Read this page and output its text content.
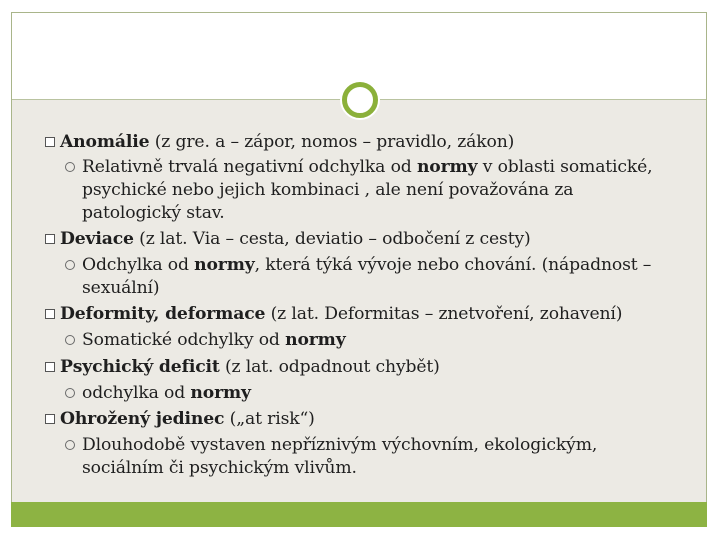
Anomálie (z gre. a – zápor, nomos – pravidlo, zákon)
Relativně trvalá negativní odchylka od normy v oblasti somatické,
psychické nebo jejich kombinaci , ale není považována za
patologický stav.
Deviace (z lat. Via – cesta, deviatio – odbočení z cesty)
Odchylka od normy, která týká vývoje nebo chování. (nápadnost –
sexuální)
Deformity, deformace (z lat. Deformitas – znetvoření, zohavení)
Somatické odchylky od normy
Psychický deficit (z lat. odpadnout chybět)
odchylka od normy
Ohrožený jedinec („at risk“)
Dlouhodobě vystaven nepříznivým výchovním, ekologickým,
sociálním či psychickým vlivům.
